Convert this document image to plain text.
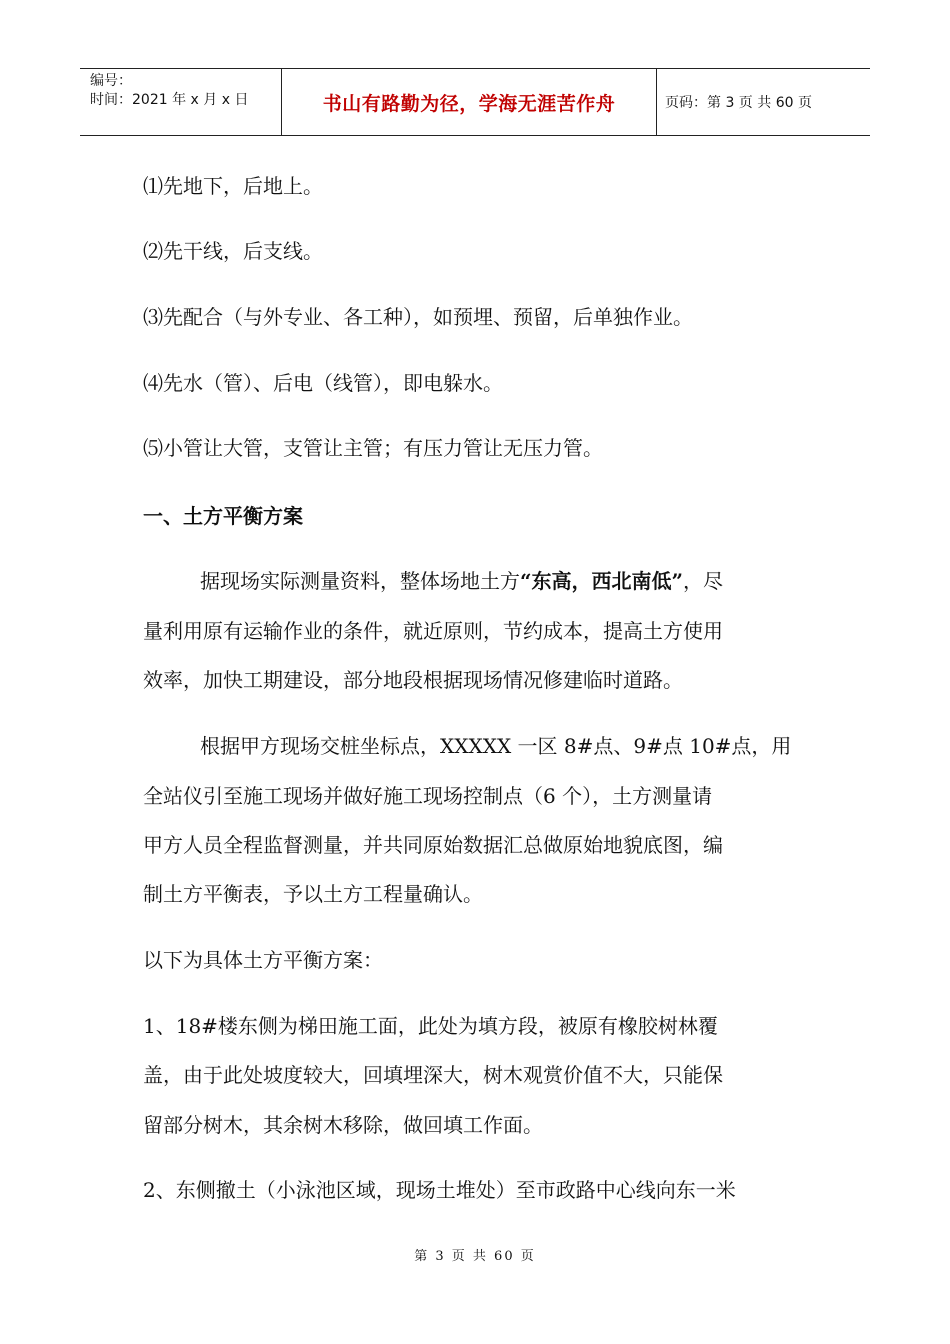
编号：
时间：2021 年 x 月 x 日	书山有路勤为径，学海无涯苦作舟	页码：第 3 页 共 60 页
⑴先地下，后地上。
⑵先干线，后支线。
⑶先配合（与外专业、各工种），如预埋、预留，后单独作业。
⑷先水（管）、后电（线管），即电躲水。
⑸小管让大管，支管让主管；有压力管让无压力管。
一、土方平衡方案
据现场实际测量资料，整体场地土方“东高，西北南低”，尽
量利用原有运输作业的条件，就近原则，节约成本，提高土方使用
效率，加快工期建设，部分地段根据现场情况修建临时道路。
根据甲方现场交桩坐标点，XXXXX 一区 8#点、9#点 10#点，用
全站仪引至施工现场并做好施工现场控制点（6 个），土方测量请
甲方人员全程监督测量，并共同原始数据汇总做原始地貌底图，编
制土方平衡表，予以土方工程量确认。
以下为具体土方平衡方案：
1、18#楼东侧为梯田施工面，此处为填方段，被原有橡胶树林覆
盖，由于此处坡度较大，回填埋深大，树木观赏价值不大，只能保
留部分树木，其余树木移除，做回填工作面。
2、东侧撤土（小泳池区域，现场土堆处）至市政路中心线向东一米
第 3 页 共 60 页
